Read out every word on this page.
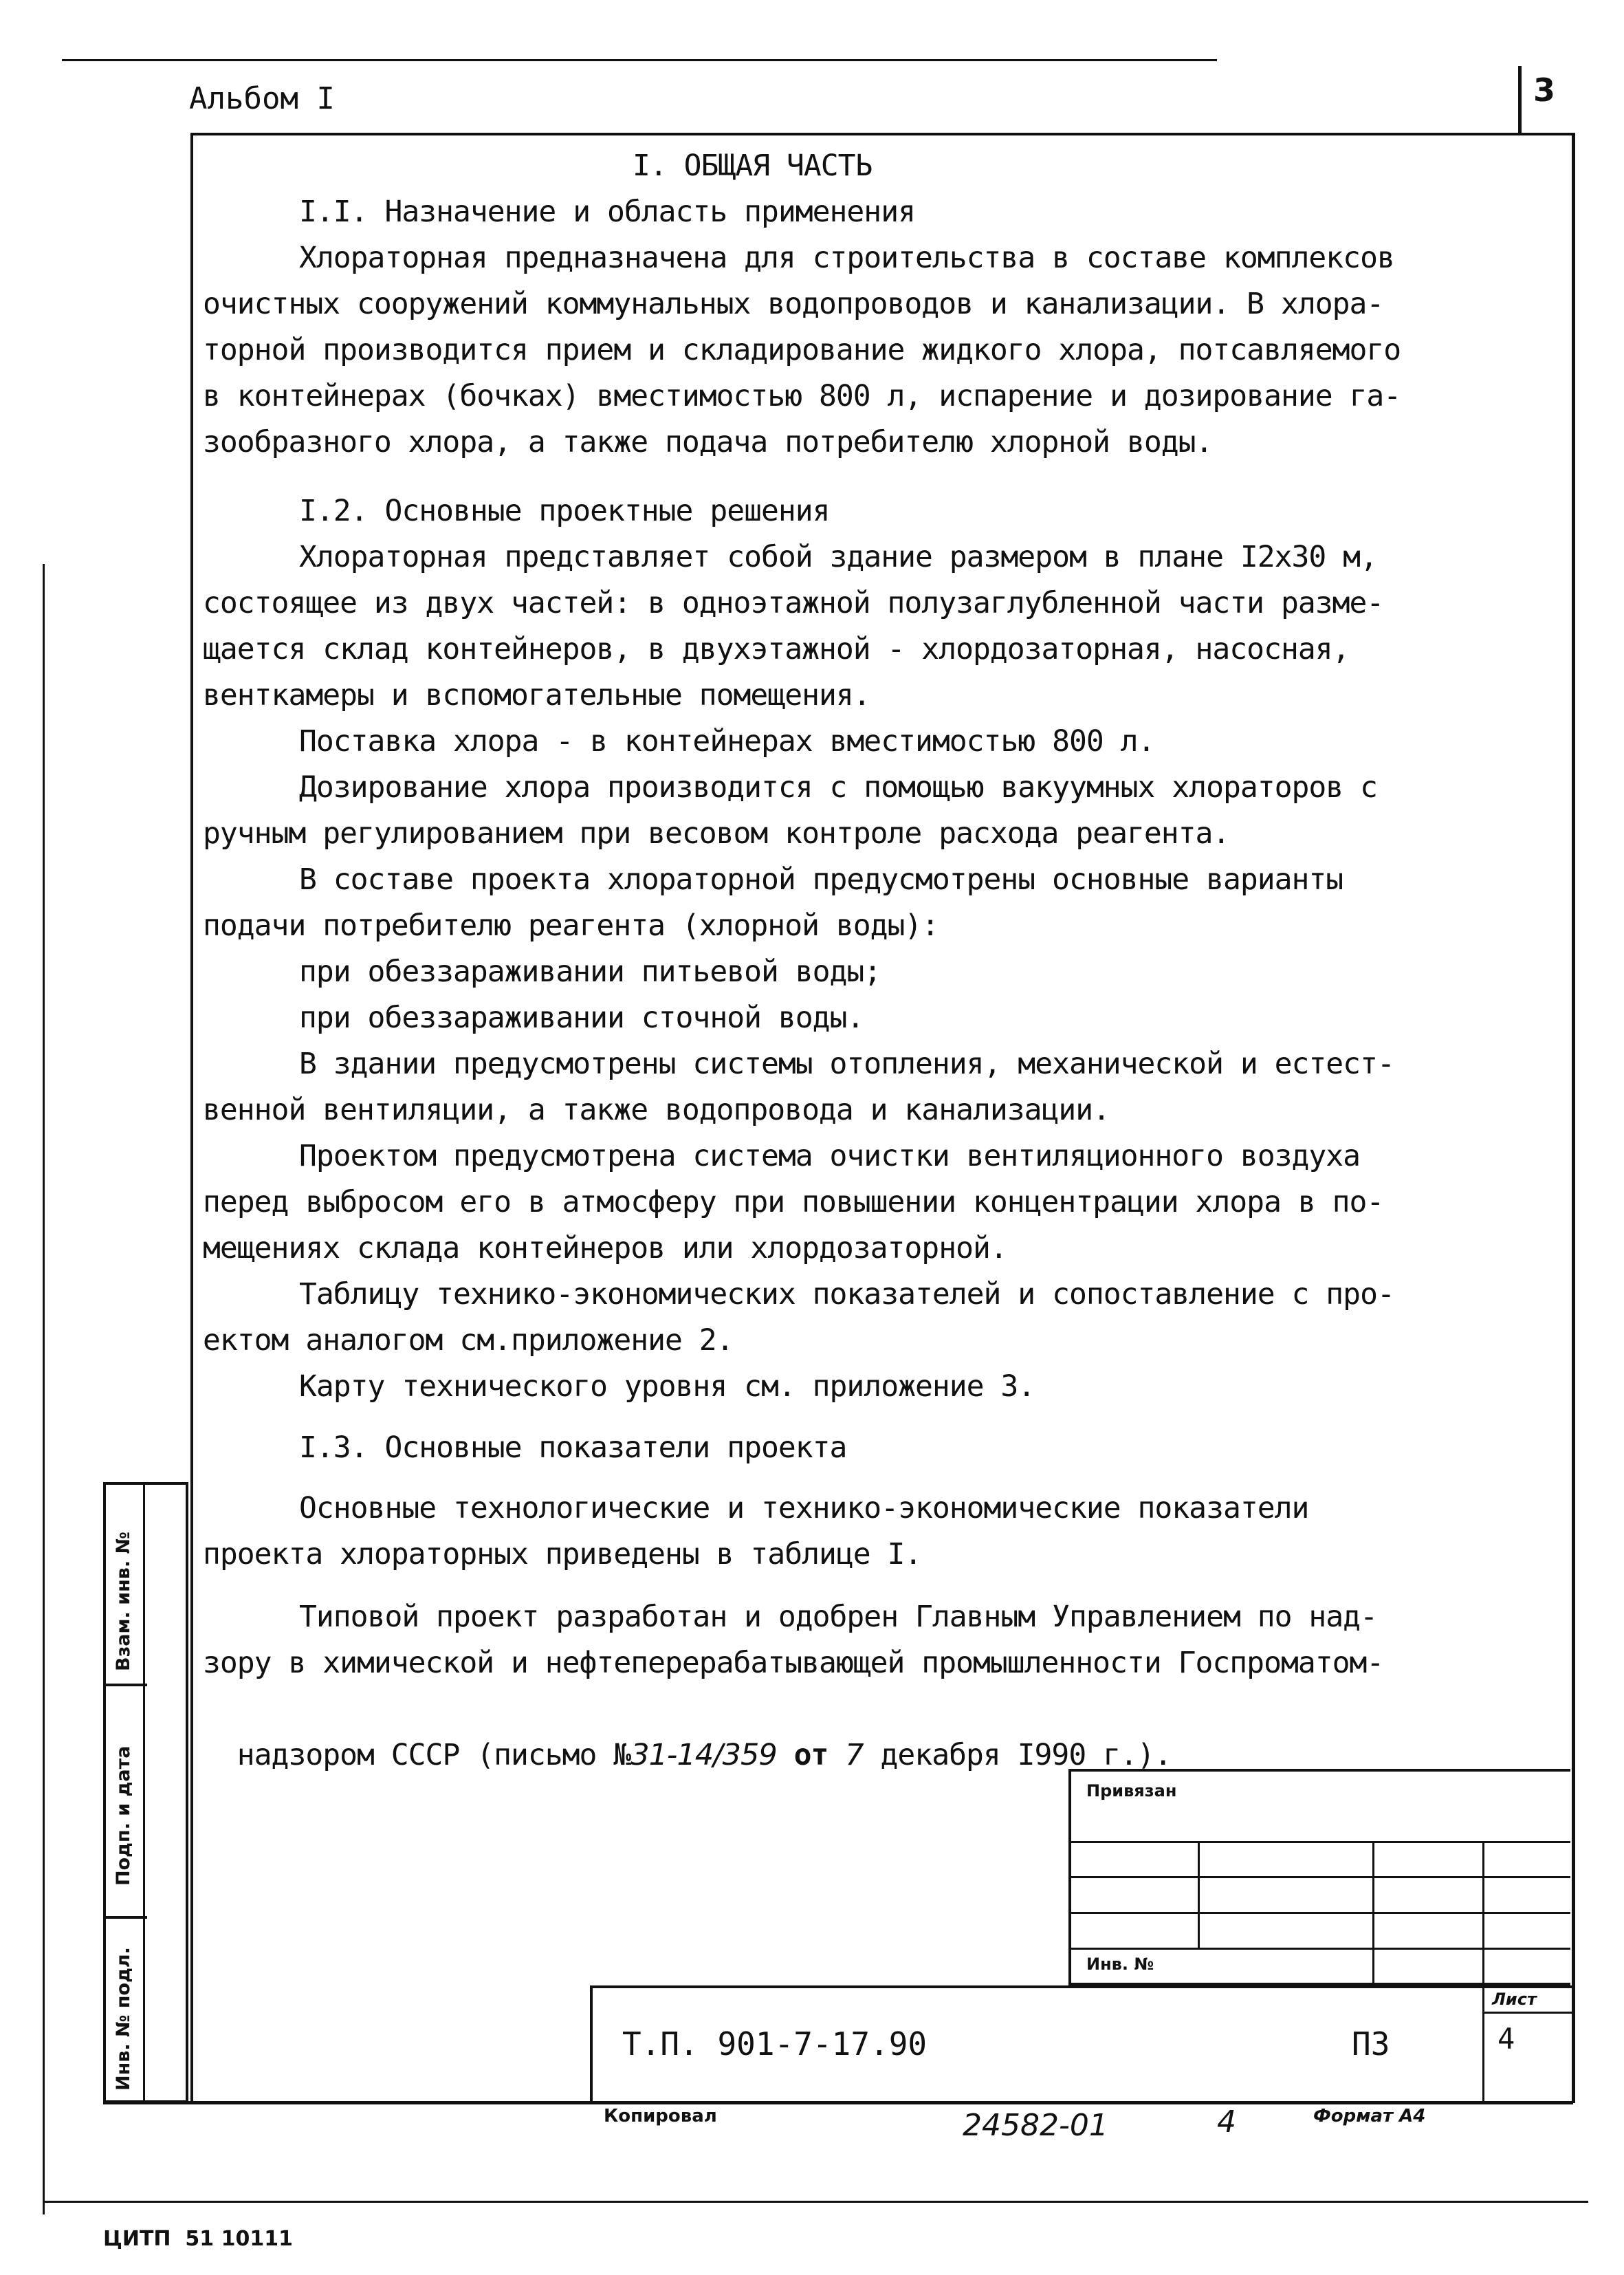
Альбом I	3
I. ОБЩАЯ ЧАСТЬ
I.I. Назначение и область применения
Хлораторная предназначена для строительства в составе комплексов
очистных сооружений коммунальных водопроводов и канализации. В хлора-
торной производится прием и складирование жидкого хлора, потсавляемого
в контейнерах (бочках) вместимостью 800 л, испарение и дозирование га-
зообразного хлора, а также подача потребителю хлорной воды.
I.2. Основные проектные решения
Хлораторная представляет собой здание размером в плане I2x30 м,
состоящее из двух частей: в одноэтажной полузаглубленной части разме-
щается склад контейнеров, в двухэтажной - хлордозаторная, насосная,
венткамеры и вспомогательные помещения.
Поставка хлора - в контейнерах вместимостью 800 л.
Дозирование хлора производится с помощью вакуумных хлораторов с
ручным регулированием при весовом контроле расхода реагента.
В составе проекта хлораторной предусмотрены основные варианты
подачи потребителю реагента (хлорной воды):
при обеззараживании питьевой воды;
при обеззараживании сточной воды.
В здании предусмотрены системы отопления, механической и естест-
венной вентиляции, а также водопровода и канализации.
Проектом предусмотрена система очистки вентиляционного воздуха
перед выбросом его в атмосферу при повышении концентрации хлора в по-
мещениях склада контейнеров или хлордозаторной.
Таблицу технико-экономических показателей и сопоставление с про-
ектом аналогом см.приложение 2.
Карту технического уровня см. приложение 3.
I.3. Основные показатели проекта
Основные технологические и технико-экономические показатели
проекта хлораторных приведены в таблице I.
Типовой проект разработан и одобрен Главным Управлением по над-
зору в химической и нефтеперерабатывающей промышленности Госпроматом-

надзором СССР (письмо №31-14/359 от 7 декабря I990 г.).

Взам. инв. №
Подп. и дата
Инв. № подл.
Привязан
Инв. №
Т.П. 901-7-17.90	ПЗ
Лист
4
Копировал	24582-01	4	Формат А4
ЦИТП  51 10111
